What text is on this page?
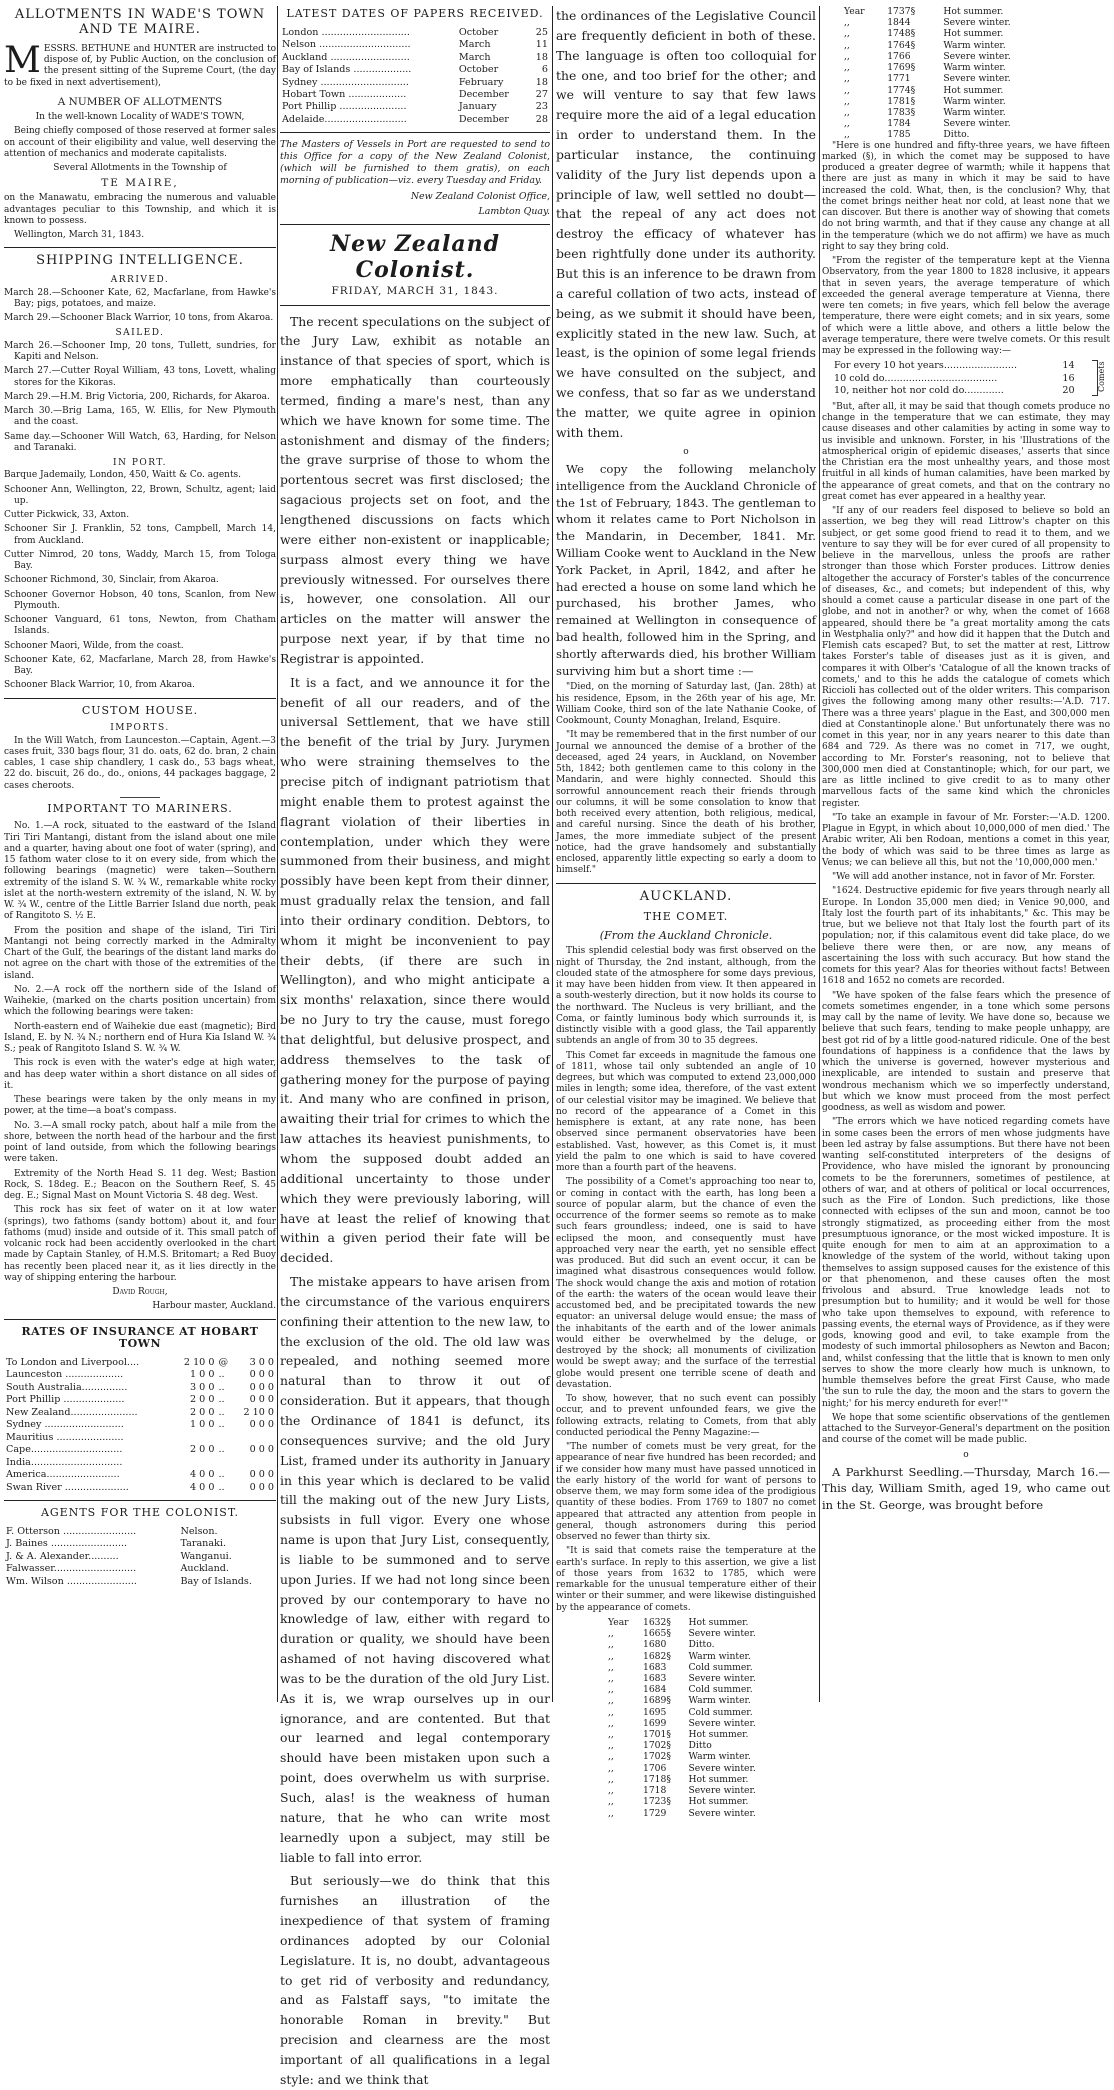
ALLOTMENTS IN WADE'S TOWN AND TE MAIRE.

MESSRS. BETHUNE and HUNTER are instructed to dispose of, by Public Auction, on the conclusion of the present sitting of the Supreme Court, (the day to be fixed in next advertisement),

A NUMBER OF ALLOTMENTS

In the well-known Locality of WADE'S TOWN,

Being chiefly composed of those reserved at former sales on account of their eligibility and value, well deserving the attention of mechanics and moderate capitalists.

Several Allotments in the Township of

TE MAIRE,

on the Manawatu, embracing the numerous and valuable advantages peculiar to this Township, and which it is known to possess.

Wellington, March 31, 1843.

SHIPPING INTELLIGENCE.
ARRIVED.

March 28.—Schooner Kate, 62, Macfarlane, from Hawke's Bay; pigs, potatoes, and maize.

March 29.—Schooner Black Warrior, 10 tons, from Akaroa.

SAILED.

March 26.—Schooner Imp, 20 tons, Tullett, sundries, for Kapiti and Nelson.

March 27.—Cutter Royal William, 43 tons, Lovett, whaling stores for the Kikoras.

March 29.—H.M. Brig Victoria, 200, Richards, for Akaroa.

March 30.—Brig Lama, 165, W. Ellis, for New Plymouth and the coast.

Same day.—Schooner Will Watch, 63, Harding, for Nelson and Taranaki.

IN PORT.

Barque Jademaily, London, 450, Waitt & Co. agents.

Schooner Ann, Wellington, 22, Brown, Schultz, agent; laid up.

Cutter Pickwick, 33, Axton.

Schooner Sir J. Franklin, 52 tons, Campbell, March 14, from Auckland.

Cutter Nimrod, 20 tons, Waddy, March 15, from Tologa Bay.

Schooner Richmond, 30, Sinclair, from Akaroa.

Schooner Governor Hobson, 40 tons, Scanlon, from New Plymouth.

Schooner Vanguard, 61 tons, Newton, from Chatham Islands.

Schooner Maori, Wilde, from the coast.

Schooner Kate, 62, Macfarlane, March 28, from Hawke's Bay.

Schooner Black Warrior, 10, from Akaroa.

CUSTOM HOUSE.
IMPORTS.

In the Will Watch, from Launceston.—Captain, Agent.—3 cases fruit, 330 bags flour, 31 do. oats, 62 do. bran, 2 chain cables, 1 case ship chandlery, 1 cask do., 53 bags wheat, 22 do. biscuit, 26 do., do., onions, 44 packages baggage, 2 cases cheroots.

IMPORTANT TO MARINERS.

No. 1.—A rock, situated to the eastward of the Island Tiri Tiri Mantangi, distant from the island about one mile and a quarter, having about one foot of water (spring), and 15 fathom water close to it on every side, from which the following bearings (magnetic) were taken—Southern extremity of the island S. W. ¾ W., remarkable white rocky islet at the north-western extremity of the island, N. W. by W. ¾ W., centre of the Little Barrier Island due north, peak of Rangitoto S. ½ E.

From the position and shape of the island, Tiri Tiri Mantangi not being correctly marked in the Admiralty Chart of the Gulf, the bearings of the distant land marks do not agree on the chart with those of the extremities of the island.

No. 2.—A rock off the northern side of the Island of Waihekie, (marked on the charts position uncertain) from which the following bearings were taken:

North-eastern end of Waihekie due east (magnetic); Bird Island, E. by N. ¾ N.; northern end of Hura Kia Island W. ¾ S.; peak of Rangitoto Island S. W. ¾ W.

This rock is even with the water's edge at high water, and has deep water within a short distance on all sides of it.

These bearings were taken by the only means in my power, at the time—a boat's compass.

No. 3.—A small rocky patch, about half a mile from the shore, between the north head of the harbour and the first point of land outside, from which the following bearings were taken.

Extremity of the North Head S. 11 deg. West; Bastion Rock, S. 18deg. E.; Beacon on the Southern Reef, S. 45 deg. E.; Signal Mast on Mount Victoria S. 48 deg. West.

This rock has six feet of water on it at low water (springs), two fathoms (sandy bottom) about it, and four fathoms (mud) inside and outside of it. This small patch of volcanic rock had been accidently overlooked in the chart made by Captain Stanley, of H.M.S. Britomart; a Red Buoy has recently been placed near it, as it lies directly in the way of shipping entering the harbour.

David Rough,

Harbour master, Auckland.

RATES OF INSURANCE AT HOBART TOWN
To London and Liverpool....	2 10 0	@	3 0 0
Launceston ...................	1 0 0	..	0 0 0
South Australia...............	3 0 0	..	0 0 0
Port Phillip ....................	2 0 0	..	0 0 0
New Zealand......................	2 0 0	..	2 10 0
Sydney ..........................	1 0 0	..	0 0 0
Mauritius ......................			
Cape..............................	2 0 0	..	0 0 0
India..............................			
America........................	4 0 0	..	0 0 0
Swan River .....................	4 0 0	..	0 0 0
AGENTS FOR THE COLONIST.
F. Otterson ........................	Nelson.
J. Baines .........................	Taranaki.
J. & A. Alexander..........	Wanganui.
Falwasser...........................	Auckland.
Wm. Wilson .......................	Bay of Islands.
LATEST DATES OF PAPERS RECEIVED.
London .............................	October	25
Nelson ..............................	March	11
Auckland ..........................	March	18
Bay of Islands ...................	October	6
Sydney .............................	February	18
Hobart Town ...................	December	27
Port Phillip ......................	January	23
Adelaide...........................	December	28

The Masters of Vessels in Port are requested to send to this Office for a copy of the New Zealand Colonist, (which will be furnished to them gratis), on each morning of publication—viz. every Tuesday and Friday.

New Zealand Colonist Office,

Lambton Quay.

New Zealand Colonist.
FRIDAY, MARCH 31, 1843.

The recent speculations on the subject of the Jury Law, exhibit as notable an instance of that species of sport, which is more emphatically than courteously termed, finding a mare's nest, than any which we have known for some time. The astonishment and dismay of the finders; the grave surprise of those to whom the portentous secret was first disclosed; the sagacious projects set on foot, and the lengthened discussions on facts which were either non-existent or inapplicable; surpass almost every thing we have previously witnessed. For ourselves there is, however, one consolation. All our articles on the matter will answer the purpose next year, if by that time no Registrar is appointed.

It is a fact, and we announce it for the benefit of all our readers, and of the universal Settlement, that we have still the benefit of the trial by Jury. Jurymen who were straining themselves to the precise pitch of indignant patriotism that might enable them to protest against the flagrant violation of their liberties in contemplation, under which they were summoned from their business, and might possibly have been kept from their dinner, must gradually relax the tension, and fall into their ordinary condition. Debtors, to whom it might be inconvenient to pay their debts, (if there are such in Wellington), and who might anticipate a six months' relaxation, since there would be no Jury to try the cause, must forego that delightful, but delusive prospect, and address themselves to the task of gathering money for the purpose of paying it. And many who are confined in prison, awaiting their trial for crimes to which the law attaches its heaviest punishments, to whom the supposed doubt added an additional uncertainty to those under which they were previously laboring, will have at least the relief of knowing that within a given period their fate will be decided.

The mistake appears to have arisen from the circumstance of the various enquirers confining their attention to the new law, to the exclusion of the old. The old law was repealed, and nothing seemed more natural than to throw it out of consideration. But it appears, that though the Ordinance of 1841 is defunct, its consequences survive; and the old Jury List, framed under its authority in January in this year which is declared to be valid till the making out of the new Jury Lists, subsists in full vigor. Every one whose name is upon that Jury List, consequently, is liable to be summoned and to serve upon Juries. If we had not long since been proved by our contemporary to have no knowledge of law, either with regard to duration or quality, we should have been ashamed of not having discovered what was to be the duration of the old Jury List. As it is, we wrap ourselves up in our ignorance, and are contented. But that our learned and legal contemporary should have been mistaken upon such a point, does overwhelm us with surprise. Such, alas! is the weakness of human nature, that he who can write most learnedly upon a subject, may still be liable to fall into error.

But seriously—we do think that this furnishes an illustration of the inexpedience of that system of framing ordinances adopted by our Colonial Legislature. It is, no doubt, advantageous to get rid of verbosity and redundancy, and as Falstaff says, "to imitate the honorable Roman in brevity." But precision and clearness are the most important of all qualifications in a legal style: and we think that

the ordinances of the Legislative Council are frequently deficient in both of these. The language is often too colloquial for the one, and too brief for the other; and we will venture to say that few laws require more the aid of a legal education in order to understand them. In the particular instance, the continuing validity of the Jury list depends upon a principle of law, well settled no doubt—that the repeal of any act does not destroy the efficacy of whatever has been rightfully done under its authority. But this is an inference to be drawn from a careful collation of two acts, instead of being, as we submit it should have been, explicitly stated in the new law. Such, at least, is the opinion of some legal friends we have consulted on the subject, and we confess, that so far as we understand the matter, we quite agree in opinion with them.

o

We copy the following melancholy intelligence from the Auckland Chronicle of the 1st of February, 1843. The gentleman to whom it relates came to Port Nicholson in the Mandarin, in December, 1841. Mr. William Cooke went to Auckland in the New York Packet, in April, 1842, and after he had erected a house on some land which he purchased, his brother James, who remained at Wellington in consequence of bad health, followed him in the Spring, and shortly afterwards died, his brother William surviving him but a short time :—

"Died, on the morning of Saturday last, (Jan. 28th) at his residence, Epsom, in the 26th year of his age, Mr. William Cooke, third son of the late Nathanie Cooke, of Cookmount, County Monaghan, Ireland, Esquire.

"It may be remembered that in the first number of our Journal we announced the demise of a brother of the deceased, aged 24 years, in Auckland, on November 5th, 1842; both gentlemen came to this colony in the Mandarin, and were highly connected. Should this sorrowful announcement reach their friends through our columns, it will be some consolation to know that both received every attention, both religious, medical, and careful nursing. Since the death of his brother, James, the more immediate subject of the present notice, had the grave handsomely and substantially enclosed, apparently little expecting so early a doom to himself."

AUCKLAND.
THE COMET.

(From the Auckland Chronicle.

This splendid celestial body was first observed on the night of Thursday, the 2nd instant, although, from the clouded state of the atmosphere for some days previous, it may have been hidden from view. It then appeared in a south-westerly direction, but it now holds its course to the northward. The Nucleus is very brilliant, and the Coma, or faintly luminous body which surrounds it, is distinctly visible with a good glass, the Tail apparently subtends an angle of from 30 to 35 degrees.

This Comet far exceeds in magnitude the famous one of 1811, whose tail only subtended an angle of 10 degrees, but which was computed to extend 23,000,000 miles in length; some idea, therefore, of the vast extent of our celestial visitor may be imagined. We believe that no record of the appearance of a Comet in this hemisphere is extant, at any rate none, has been observed since permanent observatories have been established. Vast, however, as this Comet is, it must yield the palm to one which is said to have covered more than a fourth part of the heavens.

The possibility of a Comet's approaching too near to, or coming in contact with the earth, has long been a source of popular alarm, but the chance of even the occurrence of the former seems so remote as to make such fears groundless; indeed, one is said to have eclipsed the moon, and consequently must have approached very near the earth, yet no sensible effect was produced. But did such an event occur, it can be imagined what disastrous consequences would follow. The shock would change the axis and motion of rotation of the earth: the waters of the ocean would leave their accustomed bed, and be precipitated towards the new equator: an universal deluge would ensue; the mass of the inhabitants of the earth and of the lower animals would either be overwhelmed by the deluge, or destroyed by the shock; all monuments of civilization would be swept away; and the surface of the terrestial globe would present one terrible scene of death and devastation.

To show, however, that no such event can possibly occur, and to prevent unfounded fears, we give the following extracts, relating to Comets, from that ably conducted periodical the Penny Magazine:—

"The number of comets must be very great, for the appearance of near five hundred has been recorded; and if we consider how many must have passed unnoticed in the early history of the world for want of persons to observe them, we may form some idea of the prodigious quantity of these bodies. From 1769 to 1807 no comet appeared that attracted any attention from people in general, though astronomers during this period observed no fewer than thirty six.

"It is said that comets raise the temperature at the earth's surface. In reply to this assertion, we give a list of those years from 1632 to 1785, which were remarkable for the unusual temperature either of their winter or their summer, and were likewise distinguished by the appearance of comets.

Year	1632§	Hot summer.
,,	1665§	Severe winter.
,,	1680	Ditto.
,,	1682§	Warm winter.
,,	1683	Cold summer.
,,	1683	Severe winter.
,,	1684	Cold summer.
,,	1689§	Warm winter.
,,	1695	Cold summer.
,,	1699	Severe winter.
,,	1701§	Hot summer.
,,	1702§	Ditto
,,	1702§	Warm winter.
,,	1706	Severe winter.
,,	1718§	Hot summer.
,,	1718	Severe winter.
,,	1723§	Hot summer.
,,	1729	Severe winter.
Year	1737§	Hot summer.
,,	1844	Severe winter.
,,	1748§	Hot summer.
,,	1764§	Warm winter.
,,	1766	Severe winter.
,,	1769§	Warm winter.
,,	1771	Severe winter.
,,	1774§	Hot summer.
,,	1781§	Warm winter.
,,	1783§	Warm winter.
,,	1784	Severe winter.
,,	1785	Ditto.

"Here is one hundred and fifty-three years, we have fifteen marked (§), in which the comet may be supposed to have produced a greater degree of warmth; while it happens that there are just as many in which it may be said to have increased the cold. What, then, is the conclusion? Why, that the comet brings neither heat nor cold, at least none that we can discover. But there is another way of showing that comets do not bring warmth, and that if they cause any change at all in the temperature (which we do not affirm) we have as much right to say they bring cold.

"From the register of the temperature kept at the Vienna Observatory, from the year 1800 to 1828 inclusive, it appears that in seven years, the average temperature of which exceeded the general average temperature at Vienna, there were ten comets; in five years, which fell below the average temperature, there were eight comets; and in six years, some of which were a little above, and others a little below the average temperature, there were twelve comets. Or this result may be expressed in the following way:—

For every 10 hot years........................	14
10 cold do.....................................	16
10, neither hot nor cold do.............	20	Comets

"But, after all, it may be said that though comets produce no change in the temperature that we can estimate, they may cause diseases and other calamities by acting in some way to us invisible and unknown. Forster, in his 'Illustrations of the atmospherical origin of epidemic diseases,' asserts that since the Christian era the most unhealthy years, and those most fruitful in all kinds of human calamities, have been marked by the appearance of great comets, and that on the contrary no great comet has ever appeared in a healthy year.

"If any of our readers feel disposed to believe so bold an assertion, we beg they will read Littrow's chapter on this subject, or get some good friend to read it to them, and we venture to say they will be for ever cured of all propensity to believe in the marvellous, unless the proofs are rather stronger than those which Forster produces. Littrow denies altogether the accuracy of Forster's tables of the concurrence of diseases, &c., and comets; but independent of this, why should a comet cause a particular disease in one part of the globe, and not in another? or why, when the comet of 1668 appeared, should there be "a great mortality among the cats in Westphalia only?" and how did it happen that the Dutch and Flemish cats escaped? But, to set the matter at rest, Littrow takes Forster's table of diseases just as it is given, and compares it with Olber's 'Catalogue of all the known tracks of comets,' and to this he adds the catalogue of comets which Riccioli has collected out of the older writers. This comparison gives the following among many other results:—'A.D. 717. There was a three years' plague in the East, and 300,000 men died at Constantinople alone.' But unfortunately there was no comet in this year, nor in any years nearer to this date than 684 and 729. As there was no comet in 717, we ought, according to Mr. Forster's reasoning, not to believe that 300,000 men died at Constantinople; which, for our part, we are as little inclined to give credit to as to many other marvellous facts of the same kind which the chronicles register.

"To take an example in favour of Mr. Forster:—'A.D. 1200. Plague in Egypt, in which about 10,000,000 of men died.' The Arabic writer, Ali ben Rodoan, mentions a comet in this year, the body of which was said to be three times as large as Venus; we can believe all this, but not the '10,000,000 men.'

"We will add another instance, not in favor of Mr. Forster.

"1624. Destructive epidemic for five years through nearly all Europe. In London 35,000 men died; in Venice 90,000, and Italy lost the fourth part of its inhabitants," &c. This may be true, but we believe not that Italy lost the fourth part of its population; nor, if this calamitous event did take place, do we believe there were then, or are now, any means of ascertaining the loss with such accuracy. But how stand the comets for this year? Alas for theories without facts! Between 1618 and 1652 no comets are recorded.

"We have spoken of the false fears which the presence of comets sometimes engender, in a tone which some persons may call by the name of levity. We have done so, because we believe that such fears, tending to make people unhappy, are best got rid of by a little good-natured ridicule. One of the best foundations of happiness is a confidence that the laws by which the universe is governed, however mysterious and inexplicable, are intended to sustain and preserve that wondrous mechanism which we so imperfectly understand, but which we know must proceed from the most perfect goodness, as well as wisdom and power.

"The errors which we have noticed regarding comets have in some cases been the errors of men whose judgments have been led astray by false assumptions. But there have not been wanting self-constituted interpreters of the designs of Providence, who have misled the ignorant by pronouncing comets to be the forerunners, sometimes of pestilence, at others of war, and at others of political or local occurrences, such as the Fire of London. Such predictions, like those connected with eclipses of the sun and moon, cannot be too strongly stigmatized, as proceeding either from the most presumptuous ignorance, or the most wicked imposture. It is quite enough for men to aim at an approximation to a knowledge of the system of the world, without taking upon themselves to assign supposed causes for the existence of this or that phenomenon, and these causes often the most frivolous and absurd. True knowledge leads not to presumption but to humility; and it would be well for those who take upon themselves to expound, with reference to passing events, the eternal ways of Providence, as if they were gods, knowing good and evil, to take example from the modesty of such immortal philosophers as Newton and Bacon; and, whilst confessing that the little that is known to men only serves to show the more clearly how much is unknown, to humble themselves before the great First Cause, who made 'the sun to rule the day, the moon and the stars to govern the night;' for his mercy endureth for ever!'"

We hope that some scientific observations of the gentlemen attached to the Surveyor-General's department on the position and course of the comet will be made public.

o

A Parkhurst Seedling.—Thursday, March 16.—This day, William Smith, aged 19, who came out in the St. George, was brought before
